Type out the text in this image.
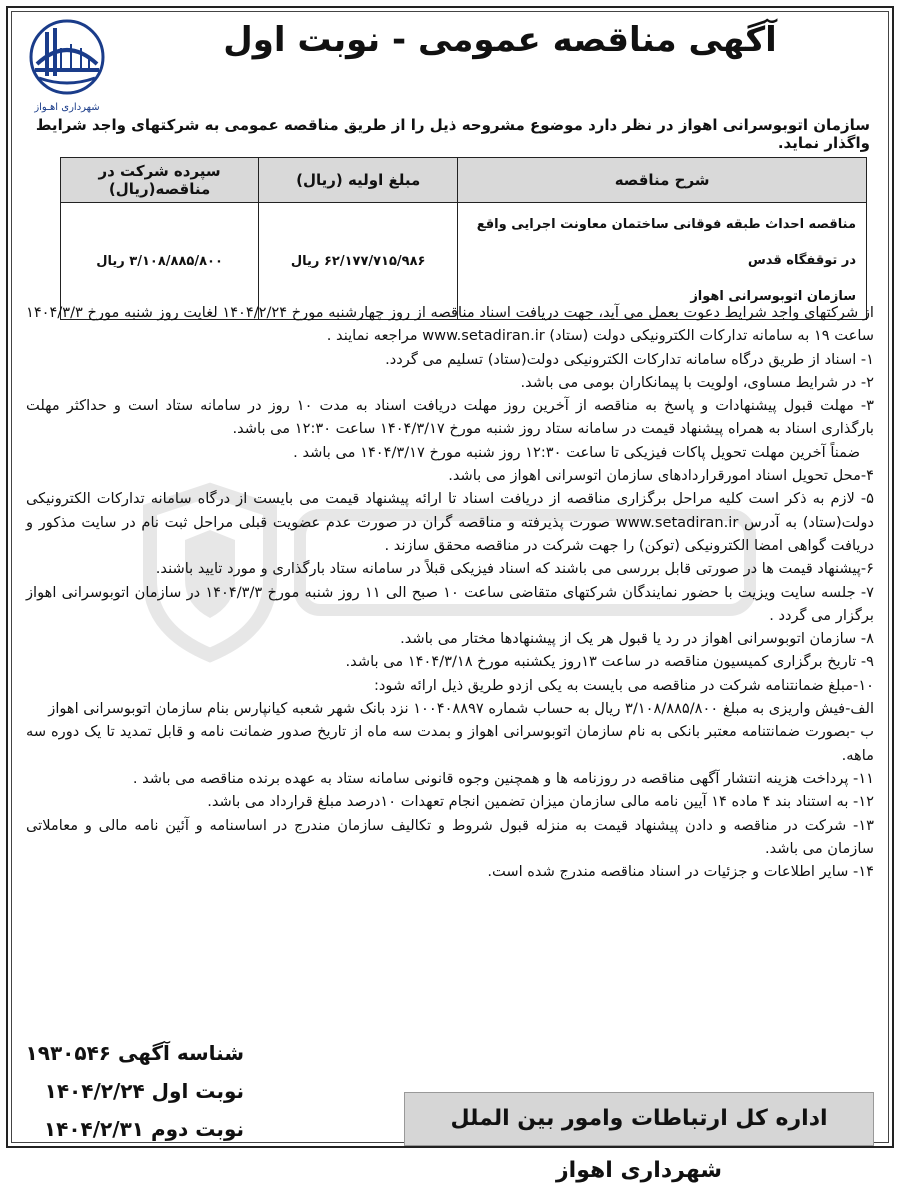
شهرداری اهـواز
آگهی مناقصه عمومی - نوبت اول
سازمان اتوبوسرانی اهواز در نظر دارد موضوع مشروحه ذیل را از طریق مناقصه عمومی به شرکتهای واجد شرایط واگذار نماید.
شرح مناقصه	مبلغ اولیه (ریال)	سپرده شرکت در مناقصه(ریال)

مناقصه احداث طبقه فوقانی ساختمان معاونت اجرایی واقع در توقفگاه قدس
سازمان اتوبوسرانی اهواز	۶۲/۱۷۷/۷۱۵/۹۸۶ ریال	۳/۱۰۸/۸۸۵/۸۰۰ ریال

از شرکتهای واجد شرایط دعوت بعمل می آید، جهت دریافت اسناد مناقصه از روز چهارشنبه مورخ ۱۴۰۴/۲/۲۴ لغایت روز شنبه مورخ ۱۴۰۴/۳/۳ ساعت ۱۹ به سامانه تدارکات الکترونیکی دولت (ستاد) www.setadiran.ir مراجعه نمایند .

۱- اسناد از طریق درگاه سامانه تدارکات الکترونیکی دولت(ستاد) تسلیم می گردد.

۲- در شرایط مساوی، اولویت با پیمانکاران بومی می باشد.

۳- مهلت قبول پیشنهادات و پاسخ به مناقصه از آخرین روز مهلت دریافت اسناد به مدت ۱۰ روز در سامانه ستاد است و حداکثر مهلت بارگذاری اسناد به همراه پیشنهاد قیمت در سامانه ستاد روز شنبه مورخ ۱۴۰۴/۳/۱۷ ساعت ۱۲:۳۰ می باشد.

ضمناً آخرین مهلت تحویل پاکات فیزیکی تا ساعت ۱۲:۳۰ روز شنبه مورخ ۱۴۰۴/۳/۱۷ می باشد .

۴-محل تحویل اسناد امورقراردادهای سازمان اتوسرانی اهواز می باشد.

۵- لازم به ذکر است کلیه مراحل برگزاری مناقصه از دریافت اسناد تا ارائه پیشنهاد قیمت می بایست از درگاه سامانه تدارکات الکترونیکی دولت(ستاد) به آدرس www.setadiran.ir صورت پذیرفته و مناقصه گران در صورت عدم عضویت قبلی مراحل ثبت نام در سایت مذکور و دریافت گواهی امضا الکترونیکی (توکن) را جهت شرکت در مناقصه محقق سازند .

۶-پیشنهاد قیمت ها در صورتی قابل بررسی می باشند که اسناد فیزیکی قبلاً در سامانه ستاد بارگذاری و مورد تایید باشند.

۷- جلسه سایت ویزیت با حضور نمایندگان شرکتهای متقاضی ساعت ۱۰ صبح الی ۱۱ روز شنبه مورخ ۱۴۰۴/۳/۳ در سازمان اتوبوسرانی اهواز برگزار می گردد .

۸- سازمان اتوبوسرانی اهواز در رد یا قبول هر یک از پیشنهادها مختار می باشد.

۹- تاریخ برگزاری کمیسیون مناقصه در ساعت ۱۳روز یکشنبه مورخ ۱۴۰۴/۳/۱۸ می باشد.

۱۰-مبلغ ضمانتنامه شرکت در مناقصه می بایست به یکی ازدو طریق ذیل ارائه شود:

الف-فیش واریزی به مبلغ ۳/۱۰۸/۸۸۵/۸۰۰ ریال به حساب شماره ۱۰۰۴۰۸۸۹۷ نزد بانک شهر شعبه کیانپارس بنام سازمان اتوبوسرانی اهواز

ب -بصورت ضمانتنامه معتبر بانکی به نام سازمان اتوبوسرانی اهواز و بمدت سه ماه از تاریخ صدور ضمانت نامه و قابل تمدید تا یک دوره سه ماهه.

۱۱- پرداخت هزینه انتشار آگهی مناقصه در روزنامه ها و همچنین وجوه قانونی سامانه ستاد به عهده برنده مناقصه می باشد .

۱۲- به استناد بند ۴ ماده ۱۴ آیین نامه مالی سازمان میزان تضمین انجام تعهدات ۱۰درصد مبلغ قرارداد می باشد.

۱۳- شرکت در مناقصه و دادن پیشنهاد قیمت به منزله قبول شروط و تکالیف سازمان مندرج در اساسنامه و آئین نامه مالی و معاملاتی سازمان می باشد.

۱۴- سایر اطلاعات و جزئیات در اسناد مناقصه مندرج شده است.

شناسه آگهی ۱۹۳۰۵۴۶
نوبت اول ۱۴۰۴/۲/۲۴
نوبت دوم ۱۴۰۴/۲/۳۱	اداره کل ارتباطات وامور بین الملل شهرداری اهواز
